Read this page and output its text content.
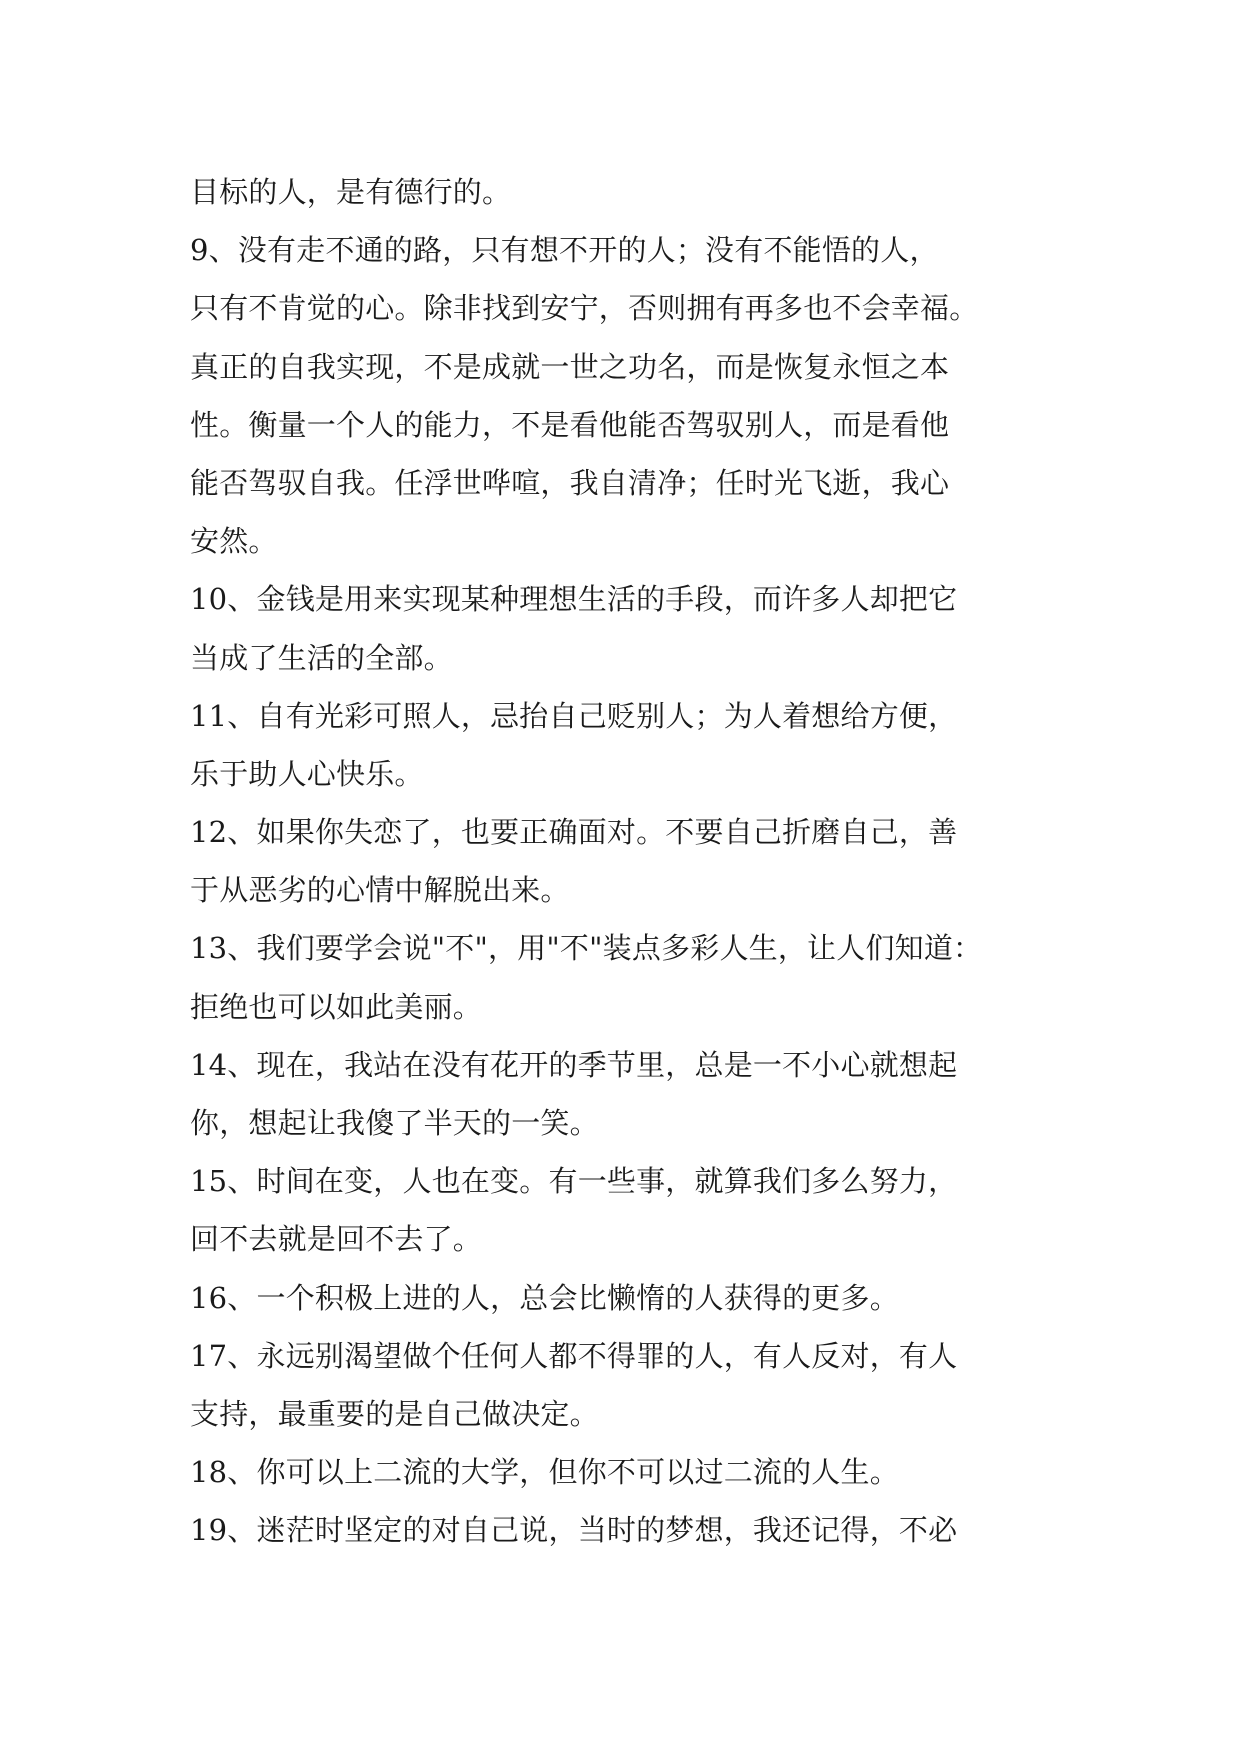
目标的人，是有德行的。
9、没有走不通的路，只有想不开的人；没有不能悟的人，
只有不肯觉的心。除非找到安宁，否则拥有再多也不会幸福。
真正的自我实现，不是成就一世之功名，而是恢复永恒之本
性。衡量一个人的能力，不是看他能否驾驭别人，而是看他
能否驾驭自我。任浮世哗喧，我自清净；任时光飞逝，我心
安然。
10、金钱是用来实现某种理想生活的手段，而许多人却把它
当成了生活的全部。
11、自有光彩可照人，忌抬自己贬别人；为人着想给方便，
乐于助人心快乐。
12、如果你失恋了，也要正确面对。不要自己折磨自己，善
于从恶劣的心情中解脱出来。
13、我们要学会说"不"，用"不"装点多彩人生，让人们知道：
拒绝也可以如此美丽。
14、现在，我站在没有花开的季节里，总是一不小心就想起
你，想起让我傻了半天的一笑。
15、时间在变，人也在变。有一些事，就算我们多么努力，
回不去就是回不去了。
16、一个积极上进的人，总会比懒惰的人获得的更多。
17、永远别渴望做个任何人都不得罪的人，有人反对，有人
支持，最重要的是自己做决定。
18、你可以上二流的大学，但你不可以过二流的人生。
19、迷茫时坚定的对自己说，当时的梦想，我还记得，不必
